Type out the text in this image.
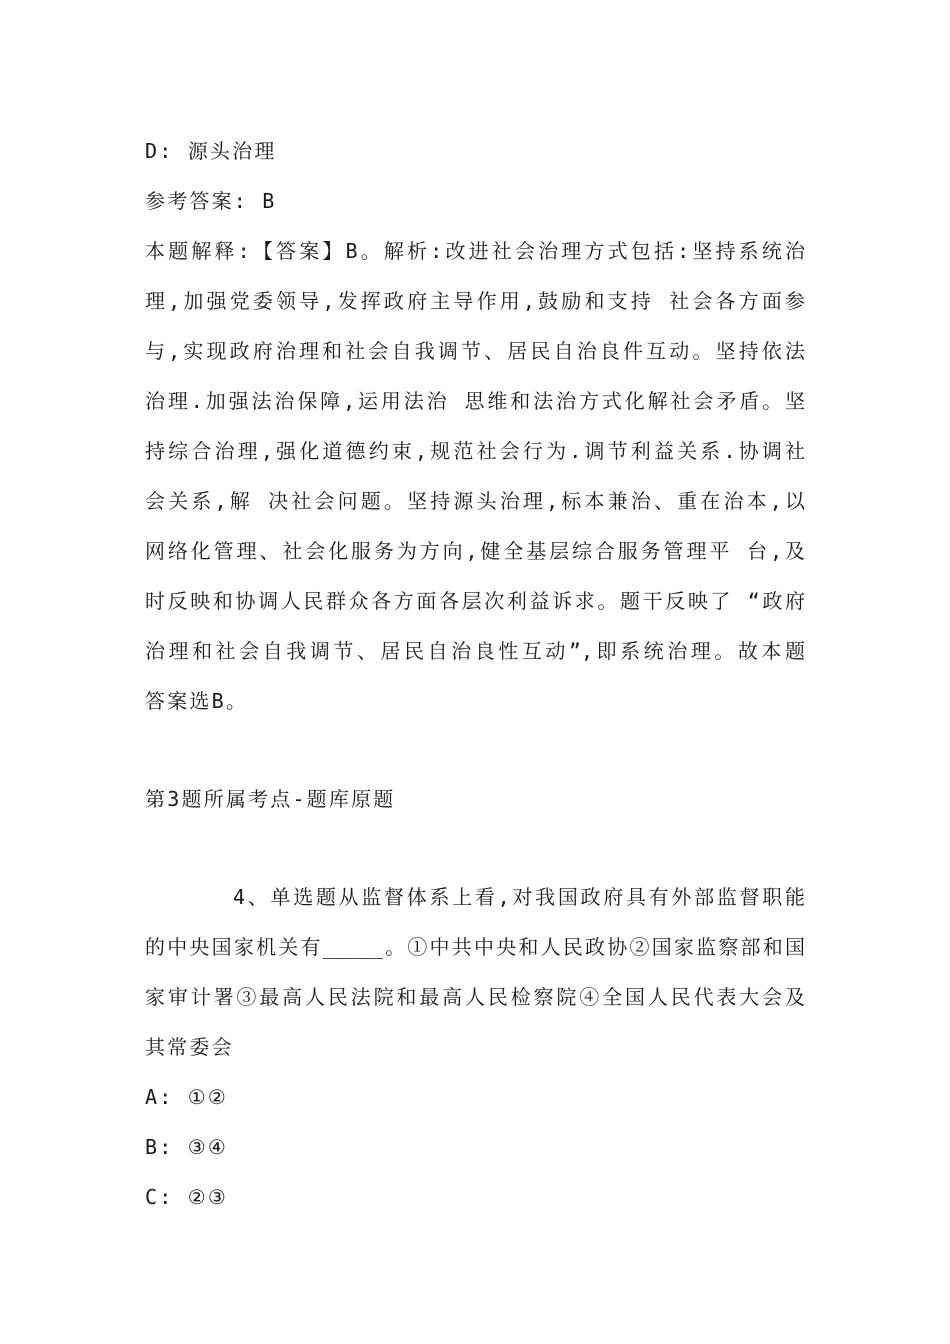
D: 源头治理
参考答案: B
本题解释:【答案】B。解析:改进社会治理方式包括:坚持系统治
理,加强党委领导,发挥政府主导作用,鼓励和支持 社会各方面参
与,实现政府治理和社会自我调节、居民自治良件互动。坚持依法
治理.加强法治保障,运用法治 思维和法治方式化解社会矛盾。坚
持综合治理,强化道德约束,规范社会行为.调节利益关系.协调社
会关系,解 决社会问题。坚持源头治理,标本兼治、重在治本,以
网络化管理、社会化服务为方向,健全基层综合服务管理平 台,及
时反映和协调人民群众各方面各层次利益诉求。题干反映了 “政府
治理和社会自我调节、居民自治良性互动”,即系统治理。故本题
答案选B。
第3题所属考点-题库原题
4、单选题从监督体系上看,对我国政府具有外部监督职能
的中央国家机关有_____。①中共中央和人民政协②国家监察部和国
家审计署③最高人民法院和最高人民检察院④全国人民代表大会及
其常委会
A: ①②
B: ③④
C: ②③
